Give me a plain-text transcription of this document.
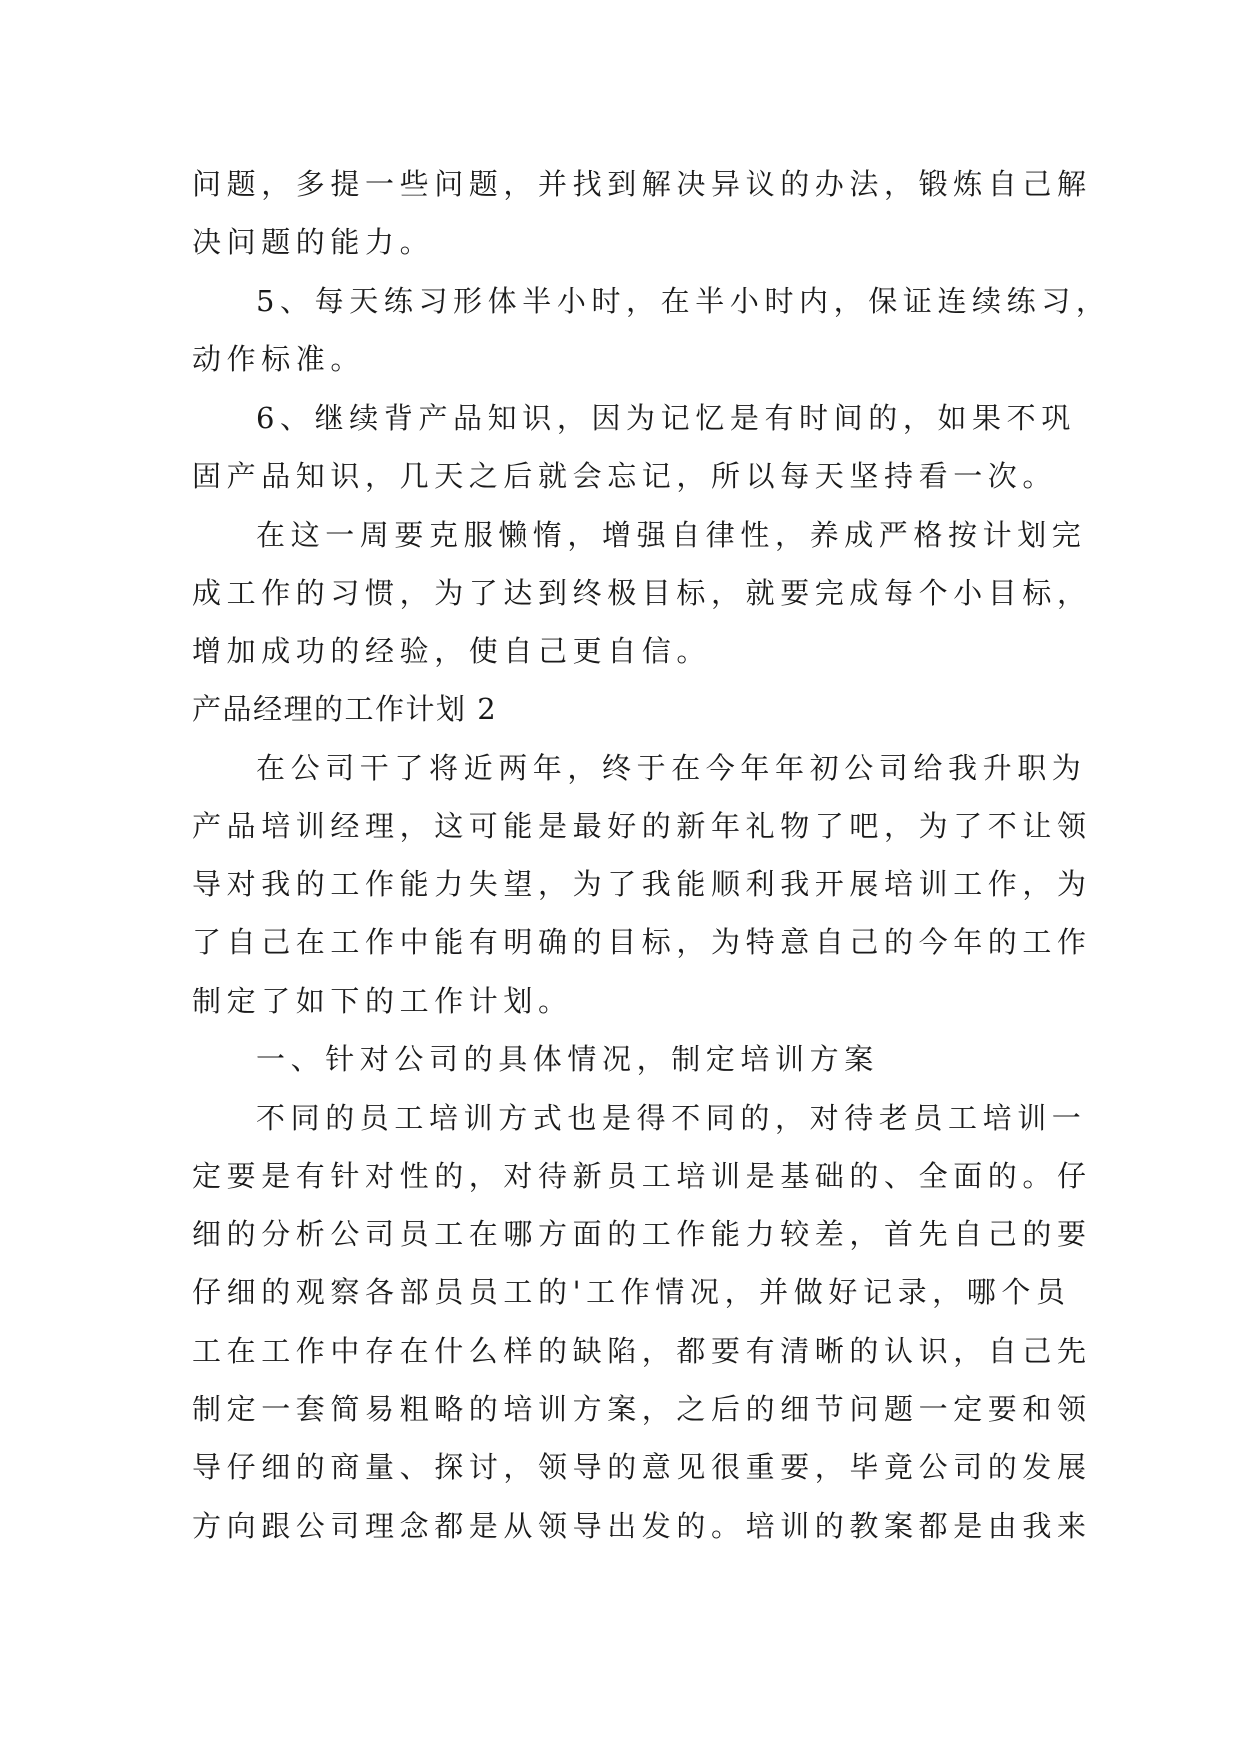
问题，多提一些问题，并找到解决异议的办法，锻炼自己解
决问题的能力。
5、每天练习形体半小时，在半小时内，保证连续练习，
动作标准。
6、继续背产品知识，因为记忆是有时间的，如果不巩
固产品知识，几天之后就会忘记，所以每天坚持看一次。
在这一周要克服懒惰，增强自律性，养成严格按计划完
成工作的习惯，为了达到终极目标，就要完成每个小目标，
增加成功的经验，使自己更自信。
产品经理的工作计划 2
在公司干了将近两年，终于在今年年初公司给我升职为
产品培训经理，这可能是最好的新年礼物了吧，为了不让领
导对我的工作能力失望，为了我能顺利我开展培训工作，为
了自己在工作中能有明确的目标，为特意自己的今年的工作
制定了如下的工作计划。
一、针对公司的具体情况，制定培训方案
不同的员工培训方式也是得不同的，对待老员工培训一
定要是有针对性的，对待新员工培训是基础的、全面的。仔
细的分析公司员工在哪方面的工作能力较差，首先自己的要
仔细的观察各部员员工的'工作情况，并做好记录，哪个员
工在工作中存在什么样的缺陷，都要有清晰的认识，自己先
制定一套简易粗略的培训方案，之后的细节问题一定要和领
导仔细的商量、探讨，领导的意见很重要，毕竟公司的发展
方向跟公司理念都是从领导出发的。培训的教案都是由我来
